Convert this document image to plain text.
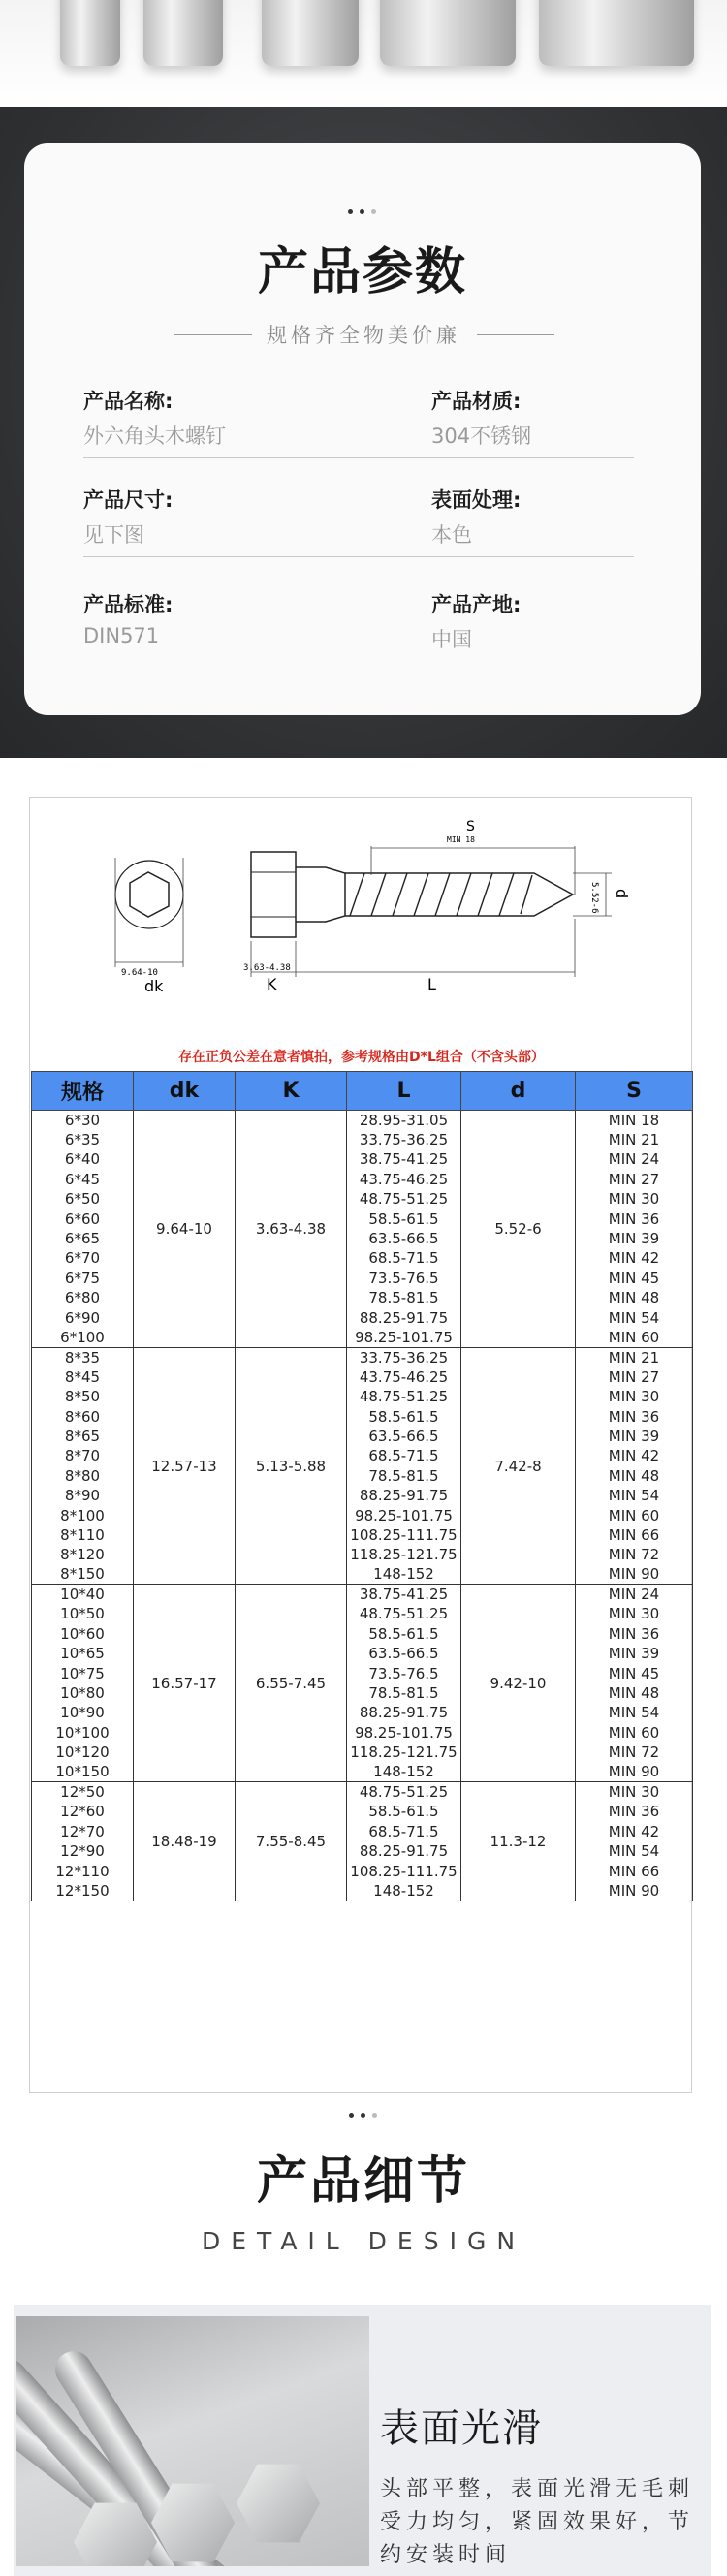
产品参数
规格齐全物美价廉
产品名称:
外六角头木螺钉
产品材质:
304不锈钢
产品尺寸:
见下图
表面处理:
本色
产品标准:
DIN571
产品产地:
中国
9.64-10
dk
S
MIN 18
5.52-6 d
3.63-4.38
K	L
存在正负公差在意者慎拍，参考规格由D*L组合（不含头部）
规格	dk	K	L	d	S
6*30	9.64-10	3.63-4.38	28.95-31.05	5.52-6	MIN 18
6*35			33.75-36.25		MIN 21
6*40			38.75-41.25		MIN 24
6*45			43.75-46.25		MIN 27
6*50			48.75-51.25		MIN 30
6*60			58.5-61.5		MIN 36
6*65			63.5-66.5		MIN 39
6*70			68.5-71.5		MIN 42
6*75			73.5-76.5		MIN 45
6*80			78.5-81.5		MIN 48
6*90			88.25-91.75		MIN 54
6*100			98.25-101.75		MIN 60
8*35	12.57-13	5.13-5.88	33.75-36.25	7.42-8	MIN 21
8*45			43.75-46.25		MIN 27
8*50			48.75-51.25		MIN 30
8*60			58.5-61.5		MIN 36
8*65			63.5-66.5		MIN 39
8*70			68.5-71.5		MIN 42
8*80			78.5-81.5		MIN 48
8*90			88.25-91.75		MIN 54
8*100			98.25-101.75		MIN 60
8*110			108.25-111.75		MIN 66
8*120			118.25-121.75		MIN 72
8*150			148-152		MIN 90
10*40	16.57-17	6.55-7.45	38.75-41.25	9.42-10	MIN 24
10*50			48.75-51.25		MIN 30
10*60			58.5-61.5		MIN 36
10*65			63.5-66.5		MIN 39
10*75			73.5-76.5		MIN 45
10*80			78.5-81.5		MIN 48
10*90			88.25-91.75		MIN 54
10*100			98.25-101.75		MIN 60
10*120			118.25-121.75		MIN 72
10*150			148-152		MIN 90
12*50	18.48-19	7.55-8.45	48.75-51.25	11.3-12	MIN 30
12*60			58.5-61.5		MIN 36
12*70			68.5-71.5		MIN 42
12*90			88.25-91.75		MIN 54
12*110			108.25-111.75		MIN 66
12*150			148-152		MIN 90
产品细节
DETAIL DESIGN
表面光滑
头部平整，表面光滑无毛刺受力均匀，紧固效果好，节约安装时间
